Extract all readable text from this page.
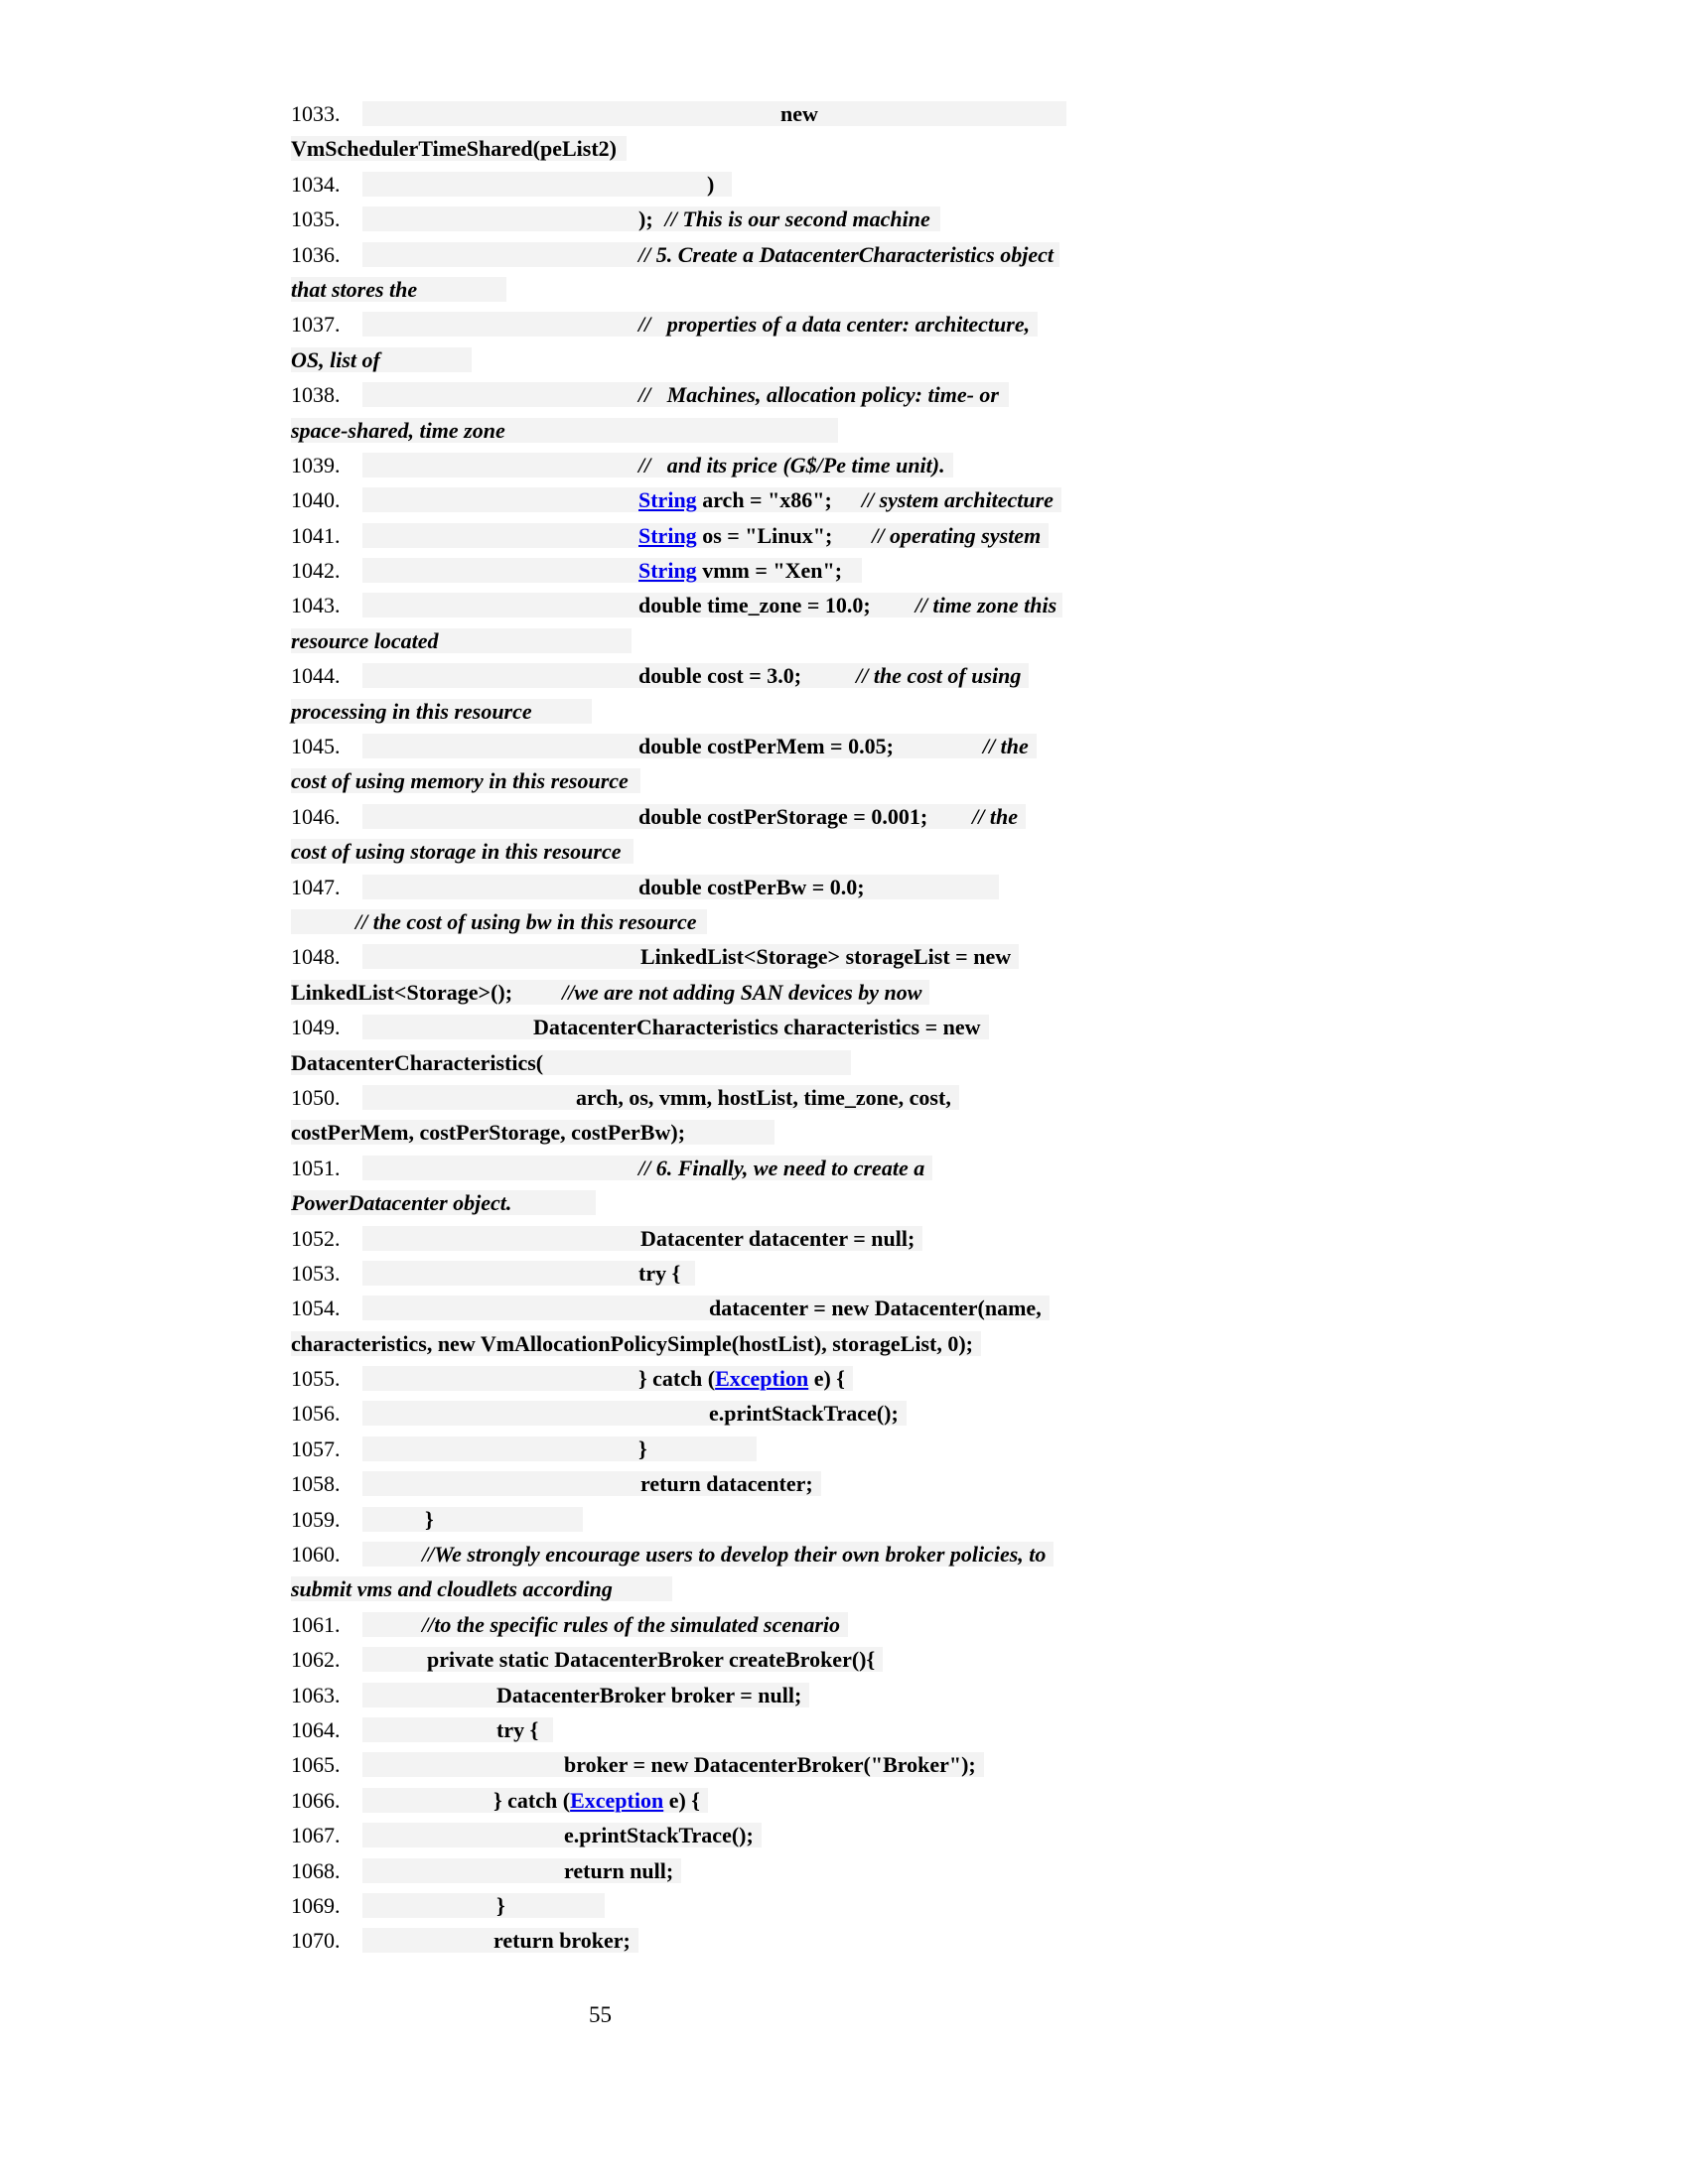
1033.	new
VmSchedulerTimeShared(peList2)
1034.	)
1035.	); // This is our second machine
1036.	// 5. Create a DatacenterCharacteristics object
that stores the
1037.	//   properties of a data center: architecture,
OS, list of
1038.	//   Machines, allocation policy: time- or
space-shared, time zone
1039.	//   and its price (G$/Pe time unit).
1040.	String arch = "x86"; // system architecture
1041.	String os = "Linux"; // operating system
1042.	String vmm = "Xen";
1043.	double time_zone = 10.0; // time zone this
resource located
1044.	double cost = 3.0;	// the cost of using
processing in this resource
1045.	double costPerMem = 0.05;	// the
cost of using memory in this resource
1046.	double costPerStorage = 0.001; // the
cost of using storage in this resource
1047.	double costPerBw = 0.0;
// the cost of using bw in this resource
1048.	LinkedList<Storage> storageList = new
LinkedList<Storage>(); //we are not adding SAN devices by now
1049.	DatacenterCharacteristics characteristics = new
DatacenterCharacteristics(
1050.	arch, os, vmm, hostList, time_zone, cost,
costPerMem, costPerStorage, costPerBw);
1051.	// 6. Finally, we need to create a
PowerDatacenter object.
1052.	Datacenter datacenter = null;
1053.	try {
1054.	datacenter = new Datacenter(name,
characteristics, new VmAllocationPolicySimple(hostList), storageList, 0);
1055.	} catch (Exception e) {
1056.	e.printStackTrace();
1057.	}
1058.	return datacenter;
1059.	}
1060.	//We strongly encourage users to develop their own broker policies, to
submit vms and cloudlets according
1061.	//to the specific rules of the simulated scenario
1062.	private static DatacenterBroker createBroker(){
1063.	DatacenterBroker broker = null;
1064.	try {
1065.	broker = new DatacenterBroker("Broker");
1066.	} catch (Exception e) {
1067.	e.printStackTrace();
1068.	return null;
1069.	}
1070.	return broker;
55
